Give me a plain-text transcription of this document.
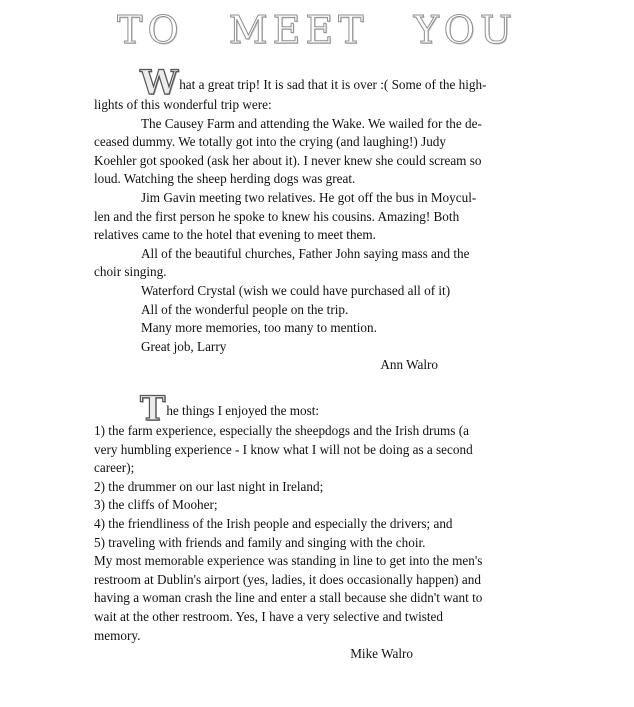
TO MEET YOU

What a great trip! It is sad that it is over :( Some of the high-

lights of this wonderful trip were:

The Causey Farm and attending the Wake. We wailed for the de-

ceased dummy. We totally got into the crying (and laughing!) Judy

Koehler got spooked (ask her about it). I never knew she could scream so

loud. Watching the sheep herding dogs was great.

Jim Gavin meeting two relatives. He got off the bus in Moycul-

len and the first person he spoke to knew his cousins. Amazing! Both

relatives came to the hotel that evening to meet them.

All of the beautiful churches, Father John saying mass and the

choir singing.

Waterford Crystal (wish we could have purchased all of it)

All of the wonderful people on the trip.

Many more memories, too many to mention.

Great job, Larry

Ann Walro

The things I enjoyed the most:

1) the farm experience, especially the sheepdogs and the Irish drums (a

very humbling experience - I know what I will not be doing as a second

career);

2) the drummer on our last night in Ireland;

3) the cliffs of Mooher;

4) the friendliness of the Irish people and especially the drivers; and

5) traveling with friends and family and singing with the choir.

My most memorable experience was standing in line to get into the men's

restroom at Dublin's airport (yes, ladies, it does occasionally happen) and

having a woman crash the line and enter a stall because she didn't want to

wait at the other restroom. Yes, I have a very selective and twisted

memory.

Mike Walro
